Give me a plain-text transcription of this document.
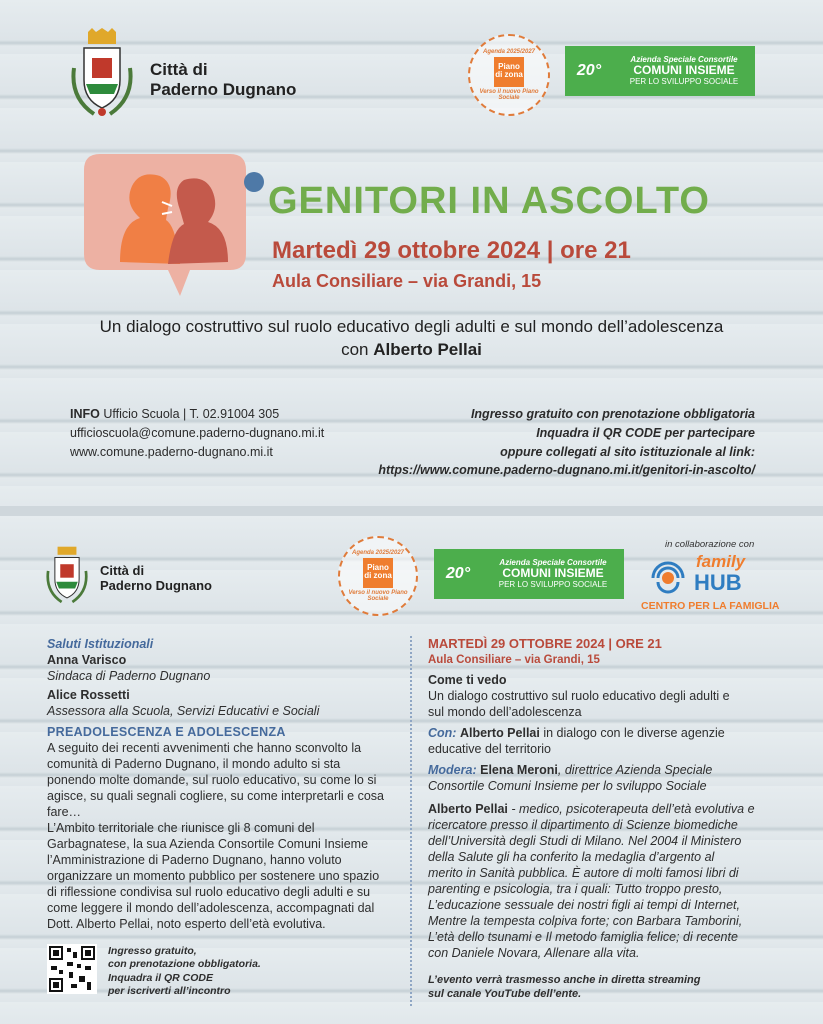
Città di
Paderno Dugnano
Agenda 2025/2027
Piano di zona
Verso il nuovo Piano Sociale
20°
Azienda Speciale Consortile
COMUNI INSIEME
PER LO SVILUPPO SOCIALE
GENITORI IN ASCOLTO
Martedì 29 ottobre 2024 | ore 21
Aula Consiliare – via Grandi, 15
Un dialogo costruttivo sul ruolo educativo degli adulti e sul mondo dell’adolescenza
con Alberto Pellai
INFO Ufficio Scuola | T. 02.91004 305
ufficioscuola@comune.paderno-dugnano.mi.it
www.comune.paderno-dugnano.mi.it
Ingresso gratuito con prenotazione obbligatoria
Inquadra il QR CODE per partecipare
oppure collegati al sito istituzionale al link:
https://www.comune.paderno-dugnano.mi.it/genitori-in-ascolto/
Città di
Paderno Dugnano
Agenda 2025/2027
Piano di zona
Verso il nuovo Piano Sociale
20°
Azienda Speciale Consortile
COMUNI INSIEME
PER LO SVILUPPO SOCIALE
in collaborazione con
family
HUB
CENTRO PER LA FAMIGLIA
Saluti Istituzionali
Anna Varisco
Sindaca di Paderno Dugnano
Alice Rossetti
Assessora alla Scuola, Servizi Educativi e Sociali
PREADOLESCENZA E ADOLESCENZA
A seguito dei recenti avvenimenti che hanno sconvolto la
comunità di Paderno Dugnano, il mondo adulto si sta
ponendo molte domande, sul ruolo educativo, su come lo si
agisce, su quali segnali cogliere, su come interpretarli e cosa
fare…
L’Ambito territoriale che riunisce gli 8 comuni del
Garbagnatese, la sua Azienda Consortile Comuni Insieme
l’Amministrazione di Paderno Dugnano, hanno voluto
organizzare un momento pubblico per sostenere uno spazio
di riflessione condivisa sul ruolo educativo degli adulti e su
come leggere il mondo dell’adolescenza, accompagnati dal
Dott. Alberto Pellai, noto esperto dell’età evolutiva.
Ingresso gratuito,
con prenotazione obbligatoria.
Inquadra il QR CODE
per iscriverti all’incontro
MARTEDÌ 29 OTTOBRE 2024 | ORE 21
Aula Consiliare – via Grandi, 15
Come ti vedo
Un dialogo costruttivo sul ruolo educativo degli adulti e
sul mondo dell’adolescenza
Con: Alberto Pellai in dialogo con le diverse agenzie
educative del territorio
Modera: Elena Meroni, direttrice Azienda Speciale
Consortile Comuni Insieme per lo sviluppo Sociale
Alberto Pellai - medico, psicoterapeuta dell’età evolutiva e
ricercatore presso il dipartimento di Scienze biomediche
dell’Università degli Studi di Milano. Nel 2004 il Ministero
della Salute gli ha conferito la medaglia d’argento al
merito in Sanità pubblica. È autore di molti famosi libri di
parenting e psicologia, tra i quali: Tutto troppo presto,
L’educazione sessuale dei nostri figli ai tempi di Internet,
Mentre la tempesta colpiva forte; con Barbara Tamborini,
L’età dello tsunami e Il metodo famiglia felice; di recente
con Daniele Novara, Allenare alla vita.
L’evento verrà trasmesso anche in diretta streaming
sul canale YouTube dell’ente.
